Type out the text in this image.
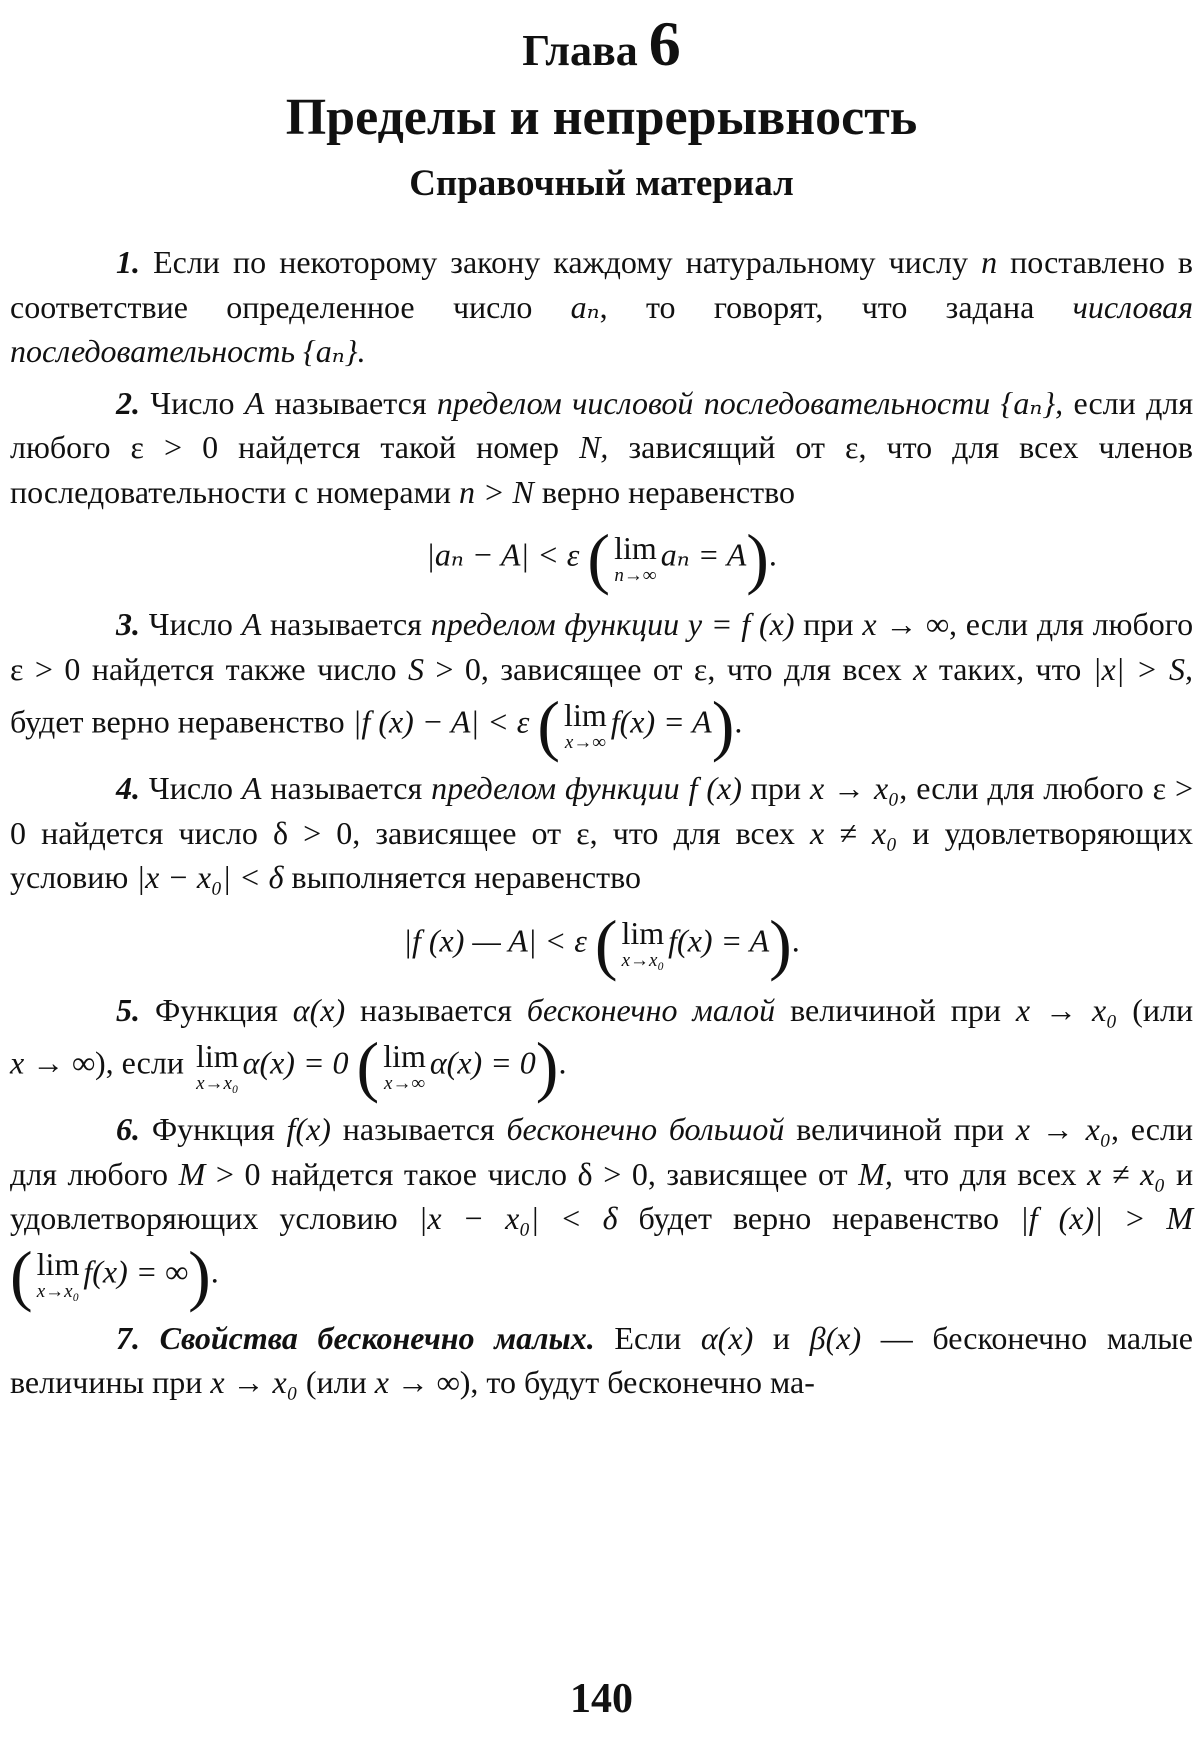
Глава 6
Пределы и непрерывность
Справочный материал

1. Если по некоторому закону каждому натуральному числу n поставлено в соответствие определенное число aₙ, то говорят, что задана числовая последовательность {aₙ}.

2. Число A называется пределом числовой последовательности {aₙ}, если для любого ε > 0 найдется такой номер N, зависящий от ε, что для всех членов последовательности с номерами n > N верно неравенство
|aₙ − A| < ε ( lim
n→∞
aₙ = A).

3. Число A называется пределом функции y = f (x) при x → ∞, если для любого ε > 0 найдется также число S > 0, зависящее от ε, что для всех x таких, что |x| > S, будет верно неравенство |f (x) − A| < ε ( lim
x→∞
f(x) = A).

4. Число A называется пределом функции f (x) при x → x₀, если для любого ε > 0 найдется число δ > 0, зависящее от ε, что для всех x ≠ x₀ и удовлетворяющих условию |x − x₀| < δ выполняется неравенство
|f (x) — A| < ε ( lim
x→x₀
f(x) = A).

5. Функция α(x) называется бесконечно малой величиной при x → x₀ (или x → ∞), если lim
x→x₀
α(x) = 0 ( lim
x→∞
α(x) = 0).

6. Функция f(x) называется бесконечно большой величиной при x → x₀, если для любого M > 0 найдется такое число δ > 0, зависящее от M, что для всех x ≠ x₀ и удовлетворяющих условию |x − x₀| < δ будет верно неравенство |f (x)| > M ( lim
x→x₀
f(x) = ∞).

7. Свойства бесконечно малых. Если α(x) и β(x) — бесконечно малые величины при x → x₀ (или x → ∞), то будут бесконечно ма-

140
